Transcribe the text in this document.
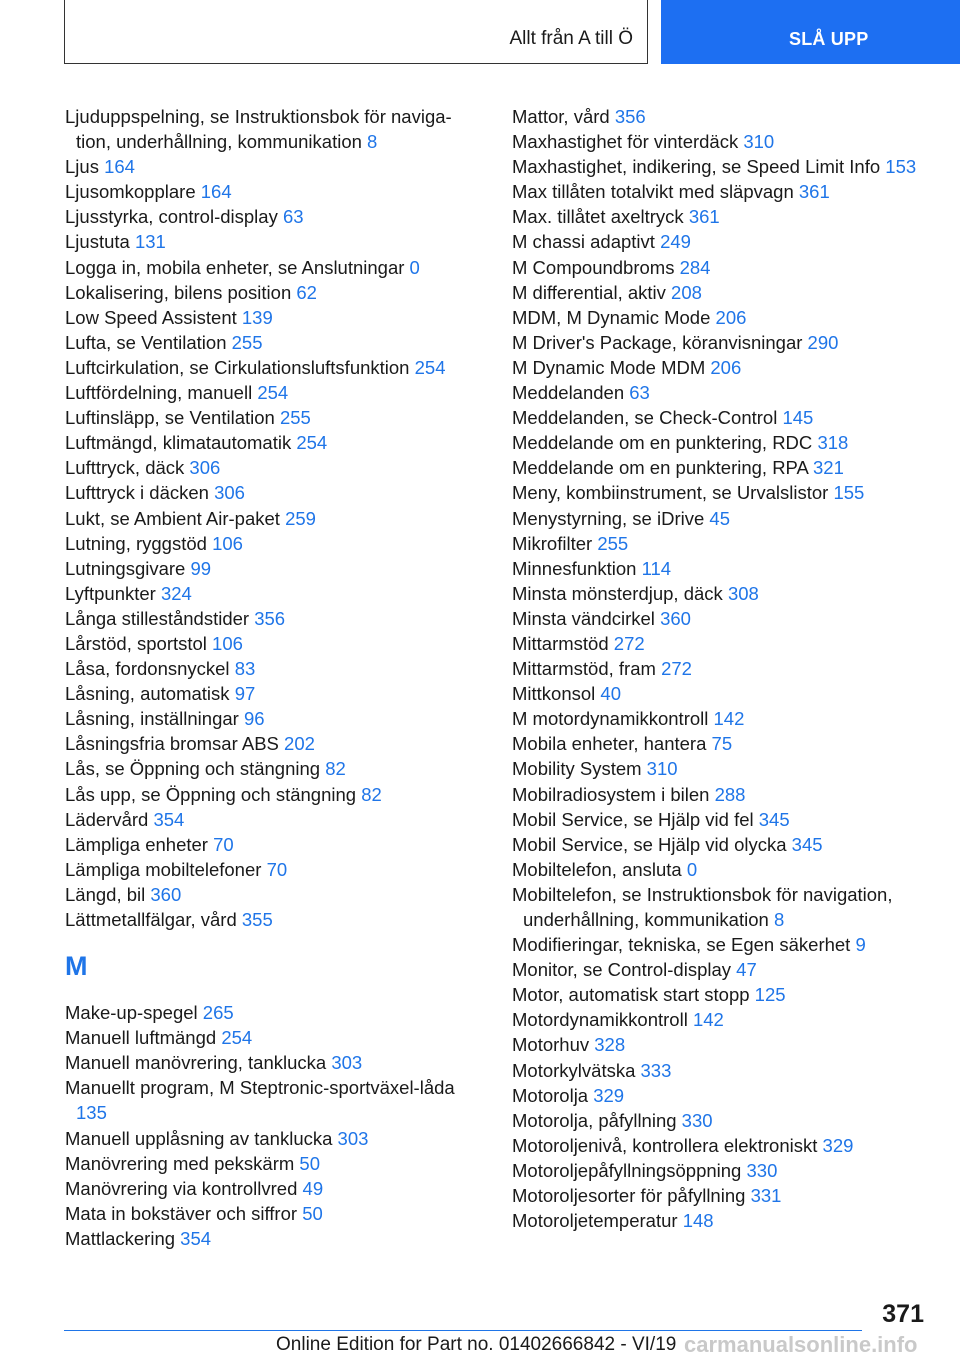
Allt från A till Ö	SLÅ UPP

Ljuduppspelning, se Instruktionsbok för naviga-tion, underhållning, kommunikation 8

Ljus 164

Ljusomkopplare 164

Ljusstyrka, control-display 63

Ljustuta 131

Logga in, mobila enheter, se Anslutningar 0

Lokalisering, bilens position 62

Low Speed Assistent 139

Lufta, se Ventilation 255

Luftcirkulation, se Cirkulationsluftsfunktion 254

Luftfördelning, manuell 254

Luftinsläpp, se Ventilation 255

Luftmängd, klimatautomatik 254

Lufttryck, däck 306

Lufttryck i däcken 306

Lukt, se Ambient Air-paket 259

Lutning, ryggstöd 106

Lutningsgivare 99

Lyftpunkter 324

Långa stilleståndstider 356

Lårstöd, sportstol 106

Låsa, fordonsnyckel 83

Låsning, automatisk 97

Låsning, inställningar 96

Låsningsfria bromsar ABS 202

Lås, se Öppning och stängning 82

Lås upp, se Öppning och stängning 82

Lädervård 354

Lämpliga enheter 70

Lämpliga mobiltelefoner 70

Längd, bil 360

Lättmetallfälgar, vård 355

M

Make-up-spegel 265

Manuell luftmängd 254

Manuell manövrering, tanklucka 303

Manuellt program, M Steptronic-sportväxel-låda 135

Manuell upplåsning av tanklucka 303

Manövrering med pekskärm 50

Manövrering via kontrollvred 49

Mata in bokstäver och siffror 50

Mattlackering 354

Mattor, vård 356

Maxhastighet för vinterdäck 310

Maxhastighet, indikering, se Speed Limit Info 153

Max tillåten totalvikt med släpvagn 361

Max. tillåtet axeltryck 361

M chassi adaptivt 249

M Compoundbroms 284

M differential, aktiv 208

MDM, M Dynamic Mode 206

M Driver's Package, köranvisningar 290

M Dynamic Mode MDM 206

Meddelanden 63

Meddelanden, se Check-Control 145

Meddelande om en punktering, RDC 318

Meddelande om en punktering, RPA 321

Meny, kombiinstrument, se Urvalslistor 155

Menystyrning, se iDrive 45

Mikrofilter 255

Minnesfunktion 114

Minsta mönsterdjup, däck 308

Minsta vändcirkel 360

Mittarmstöd 272

Mittarmstöd, fram 272

Mittkonsol 40

M motordynamikkontroll 142

Mobila enheter, hantera 75

Mobility System 310

Mobilradiosystem i bilen 288

Mobil Service, se Hjälp vid fel 345

Mobil Service, se Hjälp vid olycka 345

Mobiltelefon, ansluta 0

Mobiltelefon, se Instruktionsbok för navigation, underhållning, kommunikation 8

Modifieringar, tekniska, se Egen säkerhet 9

Monitor, se Control-display 47

Motor, automatisk start stopp 125

Motordynamikkontroll 142

Motorhuv 328

Motorkylvätska 333

Motorolja 329

Motorolja, påfyllning 330

Motoroljenivå, kontrollera elektroniskt 329

Motoroljepåfyllningsöppning 330

Motoroljesorter för påfyllning 331

Motoroljetemperatur 148

371
Online Edition for Part no. 01402666842 - VI/19 carmanualsonline.info
